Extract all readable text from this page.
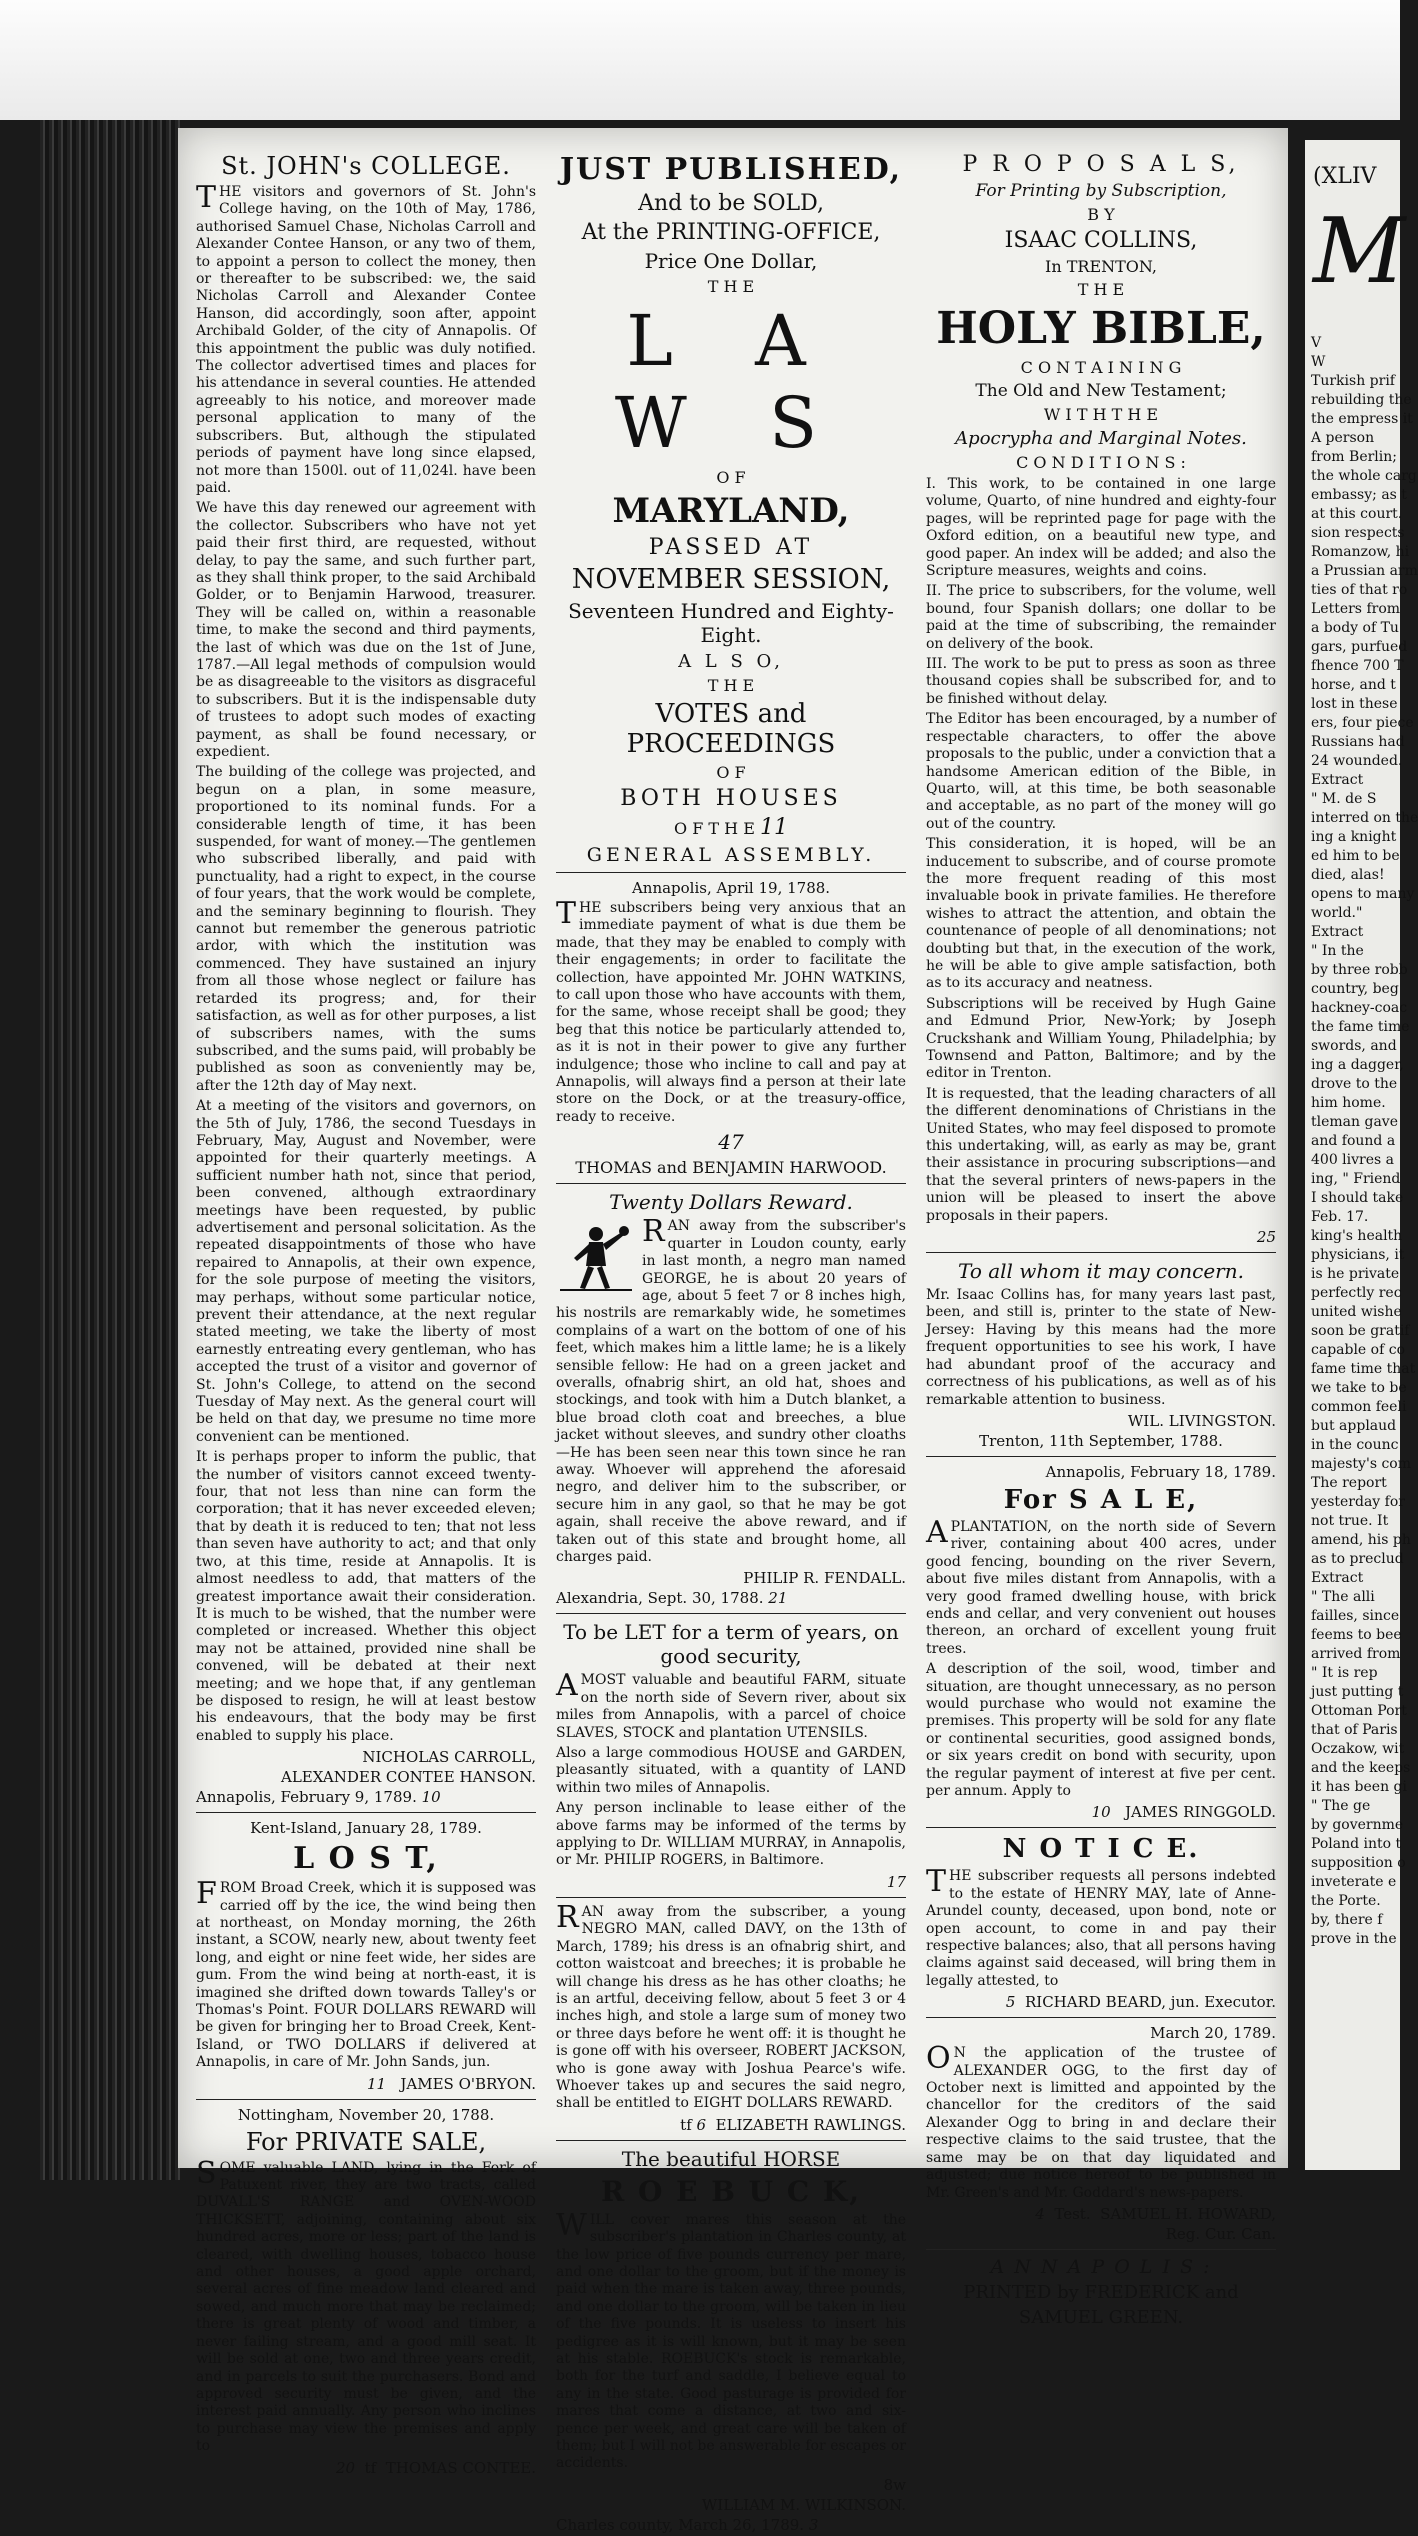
St. JOHN's COLLEGE.

THE visitors and governors of St. John's College having, on the 10th of May, 1786, authorised Samuel Chase, Nicholas Carroll and Alexander Contee Hanson, or any two of them, to appoint a person to collect the money, then or thereafter to be subscribed: we, the said Nicholas Carroll and Alexander Contee Hanson, did accordingly, soon after, appoint Archibald Golder, of the city of Annapolis. Of this appointment the public was duly notified. The collector advertised times and places for his attendance in several counties. He attended agreeably to his notice, and moreover made personal application to many of the subscribers. But, although the stipulated periods of payment have long since elapsed, not more than 1500l. out of 11,024l. have been paid.

We have this day renewed our agreement with the collector. Subscribers who have not yet paid their first third, are requested, without delay, to pay the same, and such further part, as they shall think proper, to the said Archibald Golder, or to Benjamin Harwood, treasurer. They will be called on, within a reasonable time, to make the second and third payments, the last of which was due on the 1st of June, 1787.—All legal methods of compulsion would be as disagreeable to the visitors as disgraceful to subscribers. But it is the indispensable duty of trustees to adopt such modes of exacting payment, as shall be found necessary, or expedient.

The building of the college was projected, and begun on a plan, in some measure, proportioned to its nominal funds. For a considerable length of time, it has been suspended, for want of money.—The gentlemen who subscribed liberally, and paid with punctuality, had a right to expect, in the course of four years, that the work would be complete, and the seminary beginning to flourish. They cannot but remember the generous patriotic ardor, with which the institution was commenced. They have sustained an injury from all those whose neglect or failure has retarded its progress; and, for their satisfaction, as well as for other purposes, a list of subscribers names, with the sums subscribed, and the sums paid, will probably be published as soon as conveniently may be, after the 12th day of May next.

At a meeting of the visitors and governors, on the 5th of July, 1786, the second Tuesdays in February, May, August and November, were appointed for their quarterly meetings. A sufficient number hath not, since that period, been convened, although extraordinary meetings have been requested, by public advertisement and personal solicitation. As the repeated disappointments of those who have repaired to Annapolis, at their own expence, for the sole purpose of meeting the visitors, may perhaps, without some particular notice, prevent their attendance, at the next regular stated meeting, we take the liberty of most earnestly entreating every gentleman, who has accepted the trust of a visitor and governor of St. John's College, to attend on the second Tuesday of May next. As the general court will be held on that day, we presume no time more convenient can be mentioned.

It is perhaps proper to inform the public, that the number of visitors cannot exceed twenty-four, that not less than nine can form the corporation; that it has never exceeded eleven; that by death it is reduced to ten; that not less than seven have authority to act; and that only two, at this time, reside at Annapolis. It is almost needless to add, that matters of the greatest importance await their consideration. It is much to be wished, that the number were completed or increased. Whether this object may not be attained, provided nine shall be convened, will be debated at their next meeting; and we hope that, if any gentleman be disposed to resign, he will at least bestow his endeavours, that the body may be first enabled to supply his place.

NICHOLAS CARROLL,
ALEXANDER CONTEE HANSON.
Annapolis, February 9, 1789. 10
Kent-Island, January 28, 1789.
L O S T,

FROM Broad Creek, which it is supposed was carried off by the ice, the wind being then at northeast, on Monday morning, the 26th instant, a SCOW, nearly new, about twenty feet long, and eight or nine feet wide, her sides are gum. From the wind being at north-east, it is imagined she drifted down towards Talley's or Thomas's Point. FOUR DOLLARS REWARD will be given for bringing her to Broad Creek, Kent-Island, or TWO DOLLARS if delivered at Annapolis, in care of Mr. John Sands, jun.

11 JAMES O'BRYON.
Nottingham, November 20, 1788.
For PRIVATE SALE,

SOME valuable LAND, lying in the Fork of Patuxent river, they are two tracts, called DUVALL'S RANGE and OVEN-WOOD THICKSETT, adjoining, containing about six hundred acres, more or less; part of the land is cleared, with dwelling houses, tobacco house and other houses, a good apple orchard, several acres of fine meadow land cleared and sowed, and much more that may be reclaimed; there is great plenty of wood and timber, a never failing stream, and a good mill seat. It will be sold at one, two and three years credit, and in parcels to suit the purchasers. Bond and approved security must be given, and the interest paid annually. Any person who inclines to purchase may view the premises and apply to

20 tf THOMAS CONTEE.
JUST PUBLISHED,
And to be SOLD,
At the PRINTING-OFFICE,
Price One Dollar,
T H E
L A W S
O F
MARYLAND,
PASSED AT
NOVEMBER SESSION,
Seventeen Hundred and Eighty-Eight.
A L S O,
T H E
VOTES and PROCEEDINGS
O F
BOTH HOUSES
O F T H E 11
GENERAL ASSEMBLY.
Annapolis, April 19, 1788.

THE subscribers being very anxious that an immediate payment of what is due them be made, that they may be enabled to comply with their engagements; in order to facilitate the collection, have appointed Mr. JOHN WATKINS, to call upon those who have accounts with them, for the same, whose receipt shall be good; they beg that this notice be particularly attended to, as it is not in their power to give any further indulgence; those who incline to call and pay at Annapolis, will always find a person at their late store on the Dock, or at the treasury-office, ready to receive.

47
THOMAS and BENJAMIN HARWOOD.
Twenty Dollars Reward.

RAN away from the subscriber's quarter in Loudon county, early in last month, a negro man named GEORGE, he is about 20 years of age, about 5 feet 7 or 8 inches high, his nostrils are remarkably wide, he sometimes complains of a wart on the bottom of one of his feet, which makes him a little lame; he is a likely sensible fellow: He had on a green jacket and overalls, ofnabrig shirt, an old hat, shoes and stockings, and took with him a Dutch blanket, a blue broad cloth coat and breeches, a blue jacket without sleeves, and sundry other cloaths—He has been seen near this town since he ran away. Whoever will apprehend the aforesaid negro, and deliver him to the subscriber, or secure him in any gaol, so that he may be got again, shall receive the above reward, and if taken out of this state and brought home, all charges paid.

PHILIP R. FENDALL.
Alexandria, Sept. 30, 1788. 21
To be LET for a term of years, on good security,

AMOST valuable and beautiful FARM, situate on the north side of Severn river, about six miles from Annapolis, with a parcel of choice SLAVES, STOCK and plantation UTENSILS.

Also a large commodious HOUSE and GARDEN, pleasantly situated, with a quantity of LAND within two miles of Annapolis.

Any person inclinable to lease either of the above farms may be informed of the terms by applying to Dr. WILLIAM MURRAY, in Annapolis, or Mr. PHILIP ROGERS, in Baltimore.

17

RAN away from the subscriber, a young NEGRO MAN, called DAVY, on the 13th of March, 1789; his dress is an ofnabrig shirt, and cotton waistcoat and breeches; it is probable he will change his dress as he has other cloaths; he is an artful, deceiving fellow, about 5 feet 3 or 4 inches high, and stole a large sum of money two or three days before he went off: it is thought he is gone off with his overseer, ROBERT JACKSON, who is gone away with Joshua Pearce's wife. Whoever takes up and secures the said negro, shall be entitled to EIGHT DOLLARS REWARD.

tf 6 ELIZABETH RAWLINGS.
The beautiful HORSE
R O E B U C K,

WILL cover mares this season at the subscriber's plantation in Charles county, at the low price of five pounds currency per mare, and one dollar to the groom, but if the money is paid when the mare is taken away, three pounds, and one dollar to the groom, will be taken in lieu of the five pounds. It is useless to insert his pedigree as it is will known, but it may be seen at his stable. ROEBUCK's stock is remarkable, both for the turf and saddle, I believe equal to any in the state. Good pasturage is provided for mares that come a distance, at two and six-pence per week, and great care will be taken of them; but I will not be answerable for escapes or accidents.

8w
WILLIAM M. WILKINSON.
Charles county, March 26, 1789. 3
P R O P O S A L S,
For Printing by Subscription,
B Y
ISAAC COLLINS,
In TRENTON,
T H E
HOLY BIBLE,
C O N T A I N I N G
The Old and New Testament;
W I T H T H E
Apocrypha and Marginal Notes.
C O N D I T I O N S :

I. This work, to be contained in one large volume, Quarto, of nine hundred and eighty-four pages, will be reprinted page for page with the Oxford edition, on a beautiful new type, and good paper. An index will be added; and also the Scripture measures, weights and coins.

II. The price to subscribers, for the volume, well bound, four Spanish dollars; one dollar to be paid at the time of subscribing, the remainder on delivery of the book.

III. The work to be put to press as soon as three thousand copies shall be subscribed for, and to be finished without delay.

The Editor has been encouraged, by a number of respectable characters, to offer the above proposals to the public, under a conviction that a handsome American edition of the Bible, in Quarto, will, at this time, be both seasonable and acceptable, as no part of the money will go out of the country.

This consideration, it is hoped, will be an inducement to subscribe, and of course promote the more frequent reading of this most invaluable book in private families. He therefore wishes to attract the attention, and obtain the countenance of people of all denominations; not doubting but that, in the execution of the work, he will be able to give ample satisfaction, both as to its accuracy and neatness.

Subscriptions will be received by Hugh Gaine and Edmund Prior, New-York; by Joseph Cruckshank and William Young, Philadelphia; by Townsend and Patton, Baltimore; and by the editor in Trenton.

It is requested, that the leading characters of all the different denominations of Christians in the United States, who may feel disposed to promote this undertaking, will, as early as may be, grant their assistance in procuring subscriptions—and that the several printers of news-papers in the union will be pleased to insert the above proposals in their papers.

25
To all whom it may concern.

Mr. Isaac Collins has, for many years last past, been, and still is, printer to the state of New-Jersey: Having by this means had the more frequent opportunities to see his work, I have had abundant proof of the accuracy and correctness of his publications, as well as of his remarkable attention to business.

WIL. LIVINGSTON.
Trenton, 11th September, 1788.
Annapolis, February 18, 1789.
For S A L E,

APLANTATION, on the north side of Severn river, containing about 400 acres, under good fencing, bounding on the river Severn, about five miles distant from Annapolis, with a very good framed dwelling house, with brick ends and cellar, and very convenient out houses thereon, an orchard of excellent young fruit trees.

A description of the soil, wood, timber and situation, are thought unnecessary, as no person would purchase who would not examine the premises. This property will be sold for any flate or continental securities, good assigned bonds, or six years credit on bond with security, upon the regular payment of interest at five per cent. per annum. Apply to

10 JAMES RINGGOLD.
N O T I C E.

THE subscriber requests all persons indebted to the estate of HENRY MAY, late of Anne-Arundel county, deceased, upon bond, note or open account, to come in and pay their respective balances; also, that all persons having claims against said deceased, will bring them in legally attested, to

5 RICHARD BEARD, jun. Executor.
March 20, 1789.

ON the application of the trustee of ALEXANDER OGG, to the first day of October next is limitted and appointed by the chancellor for the creditors of the said Alexander Ogg to bring in and declare their respective claims to the said trustee, that the same may be on that day liquidated and adjusted; due notice hereof to be published in Mr. Green's and Mr. Goddard's news-papers.

4 Test. SAMUEL H. HOWARD,
Reg. Cur. Can.
A N N A P O L I S :
PRINTED by FREDERICK and
SAMUEL GREEN.
(XLIV
M
V
W
Turkish prif
rebuilding the
the empress it
A person
from Berlin;
the whole carg
embassy; as t
at this court.
sion respects
Romanzow, hi
a Prussian arm
ties of that ro
Letters from
a body of Tu
gars, purfued
fhence 700 T
horse, and t
lost in these
ers, four piece
Russians had
24 wounded.
Extract
" M. de S
interred on the
ing a knight
ed him to be
died, alas!
opens to many
world."
Extract
" In the
by three robb
country, beg
hackney-coac
the fame time
swords, and
ing a dagger,
drove to the
him home.
tleman gave
and found a
400 livres a
ing, " Friend
I should take
Feb. 17.
king's health
physicians, it
is he private
perfectly rec
united wishe
soon be gratif
capable of co
fame time that
we take to be
common feeli
but applaud
in the counc
majesty's com
The report
yesterday for
not true. It
amend, his ph
as to preclud
Extract
" The alli
failles, since
feems to bee
arrived from
" It is rep
just putting t
Ottoman Port
that of Paris
Oczakow, wit
and the keeps
it has been gi
" The ge
by governme
Poland into t
supposition o
inveterate e
the Porte.
by, there f
prove in the
